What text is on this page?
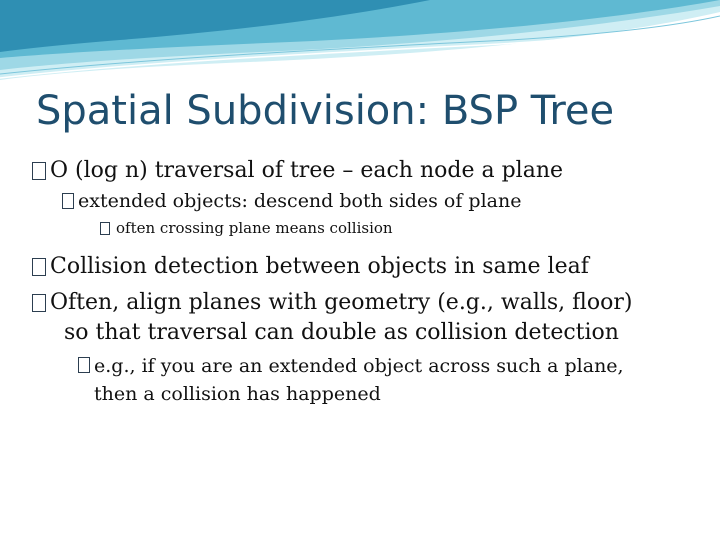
Spatial Subdivision: BSP Tree
O (log n) traversal of tree – each node a plane
extended objects: descend both sides of plane
often crossing plane means collision
Collision detection between objects in same leaf
Often, align planes with geometry (e.g., walls, floor)
so that traversal can double as collision detection
e.g., if you are an extended object across such a plane,
then a collision has happened
